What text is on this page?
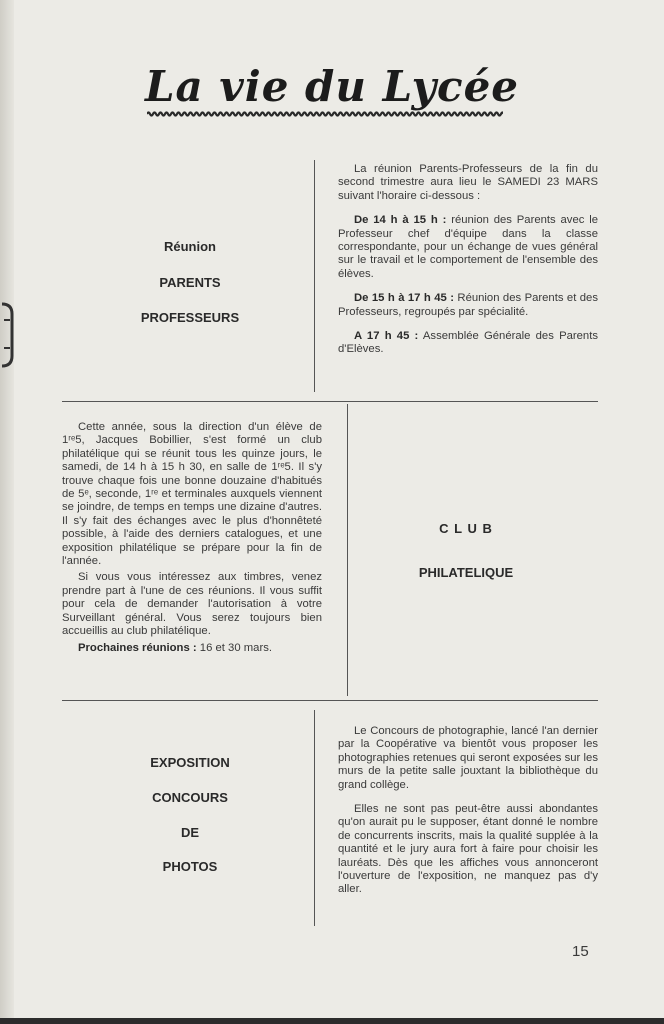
La vie du Lycée
Réunion
PARENTS
PROFESSEURS

La réunion Parents-Professeurs de la fin du second trimestre aura lieu le SAMEDI 23 MARS suivant l'horaire ci-dessous :

De 14 h à 15 h : réunion des Parents avec le Professeur chef d'équipe dans la classe correspondante, pour un échange de vues général sur le travail et le comportement de l'ensemble des élèves.

De 15 h à 17 h 45 : Réunion des Parents et des Professeurs, regroupés par spécialité.

A 17 h 45 : Assemblée Générale des Parents d'Elèves.

Cette année, sous la direction d'un élève de 1ʳᵉ5, Jacques Bobillier, s'est formé un club philatélique qui se réunit tous les quinze jours, le samedi, de 14 h à 15 h 30, en salle de 1ʳᵉ5. Il s'y trouve chaque fois une bonne douzaine d'habitués de 5ᵉ, seconde, 1ʳᵉ et terminales auxquels viennent se joindre, de temps en temps une dizaine d'autres. Il s'y fait des échanges avec le plus d'honnêteté possible, à l'aide des derniers catalogues, et une exposition philatélique se prépare pour la fin de l'année.

Si vous vous intéressez aux timbres, venez prendre part à l'une de ces réunions. Il vous suffit pour cela de demander l'autorisation à votre Surveillant général. Vous serez toujours bien accueillis au club philatélique.

Prochaines réunions : 16 et 30 mars.

C L U B
PHILATELIQUE
EXPOSITION
CONCOURS
DE
PHOTOS

Le Concours de photographie, lancé l'an dernier par la Coopérative va bientôt vous proposer les photographies retenues qui seront exposées sur les murs de la petite salle jouxtant la bibliothèque du grand collège.

Elles ne sont pas peut-être aussi abondantes qu'on aurait pu le supposer, étant donné le nombre de concurrents inscrits, mais la qualité supplée à la quantité et le jury aura fort à faire pour choisir les lauréats. Dès que les affiches vous annonceront l'ouverture de l'exposition, ne manquez pas d'y aller.

15
